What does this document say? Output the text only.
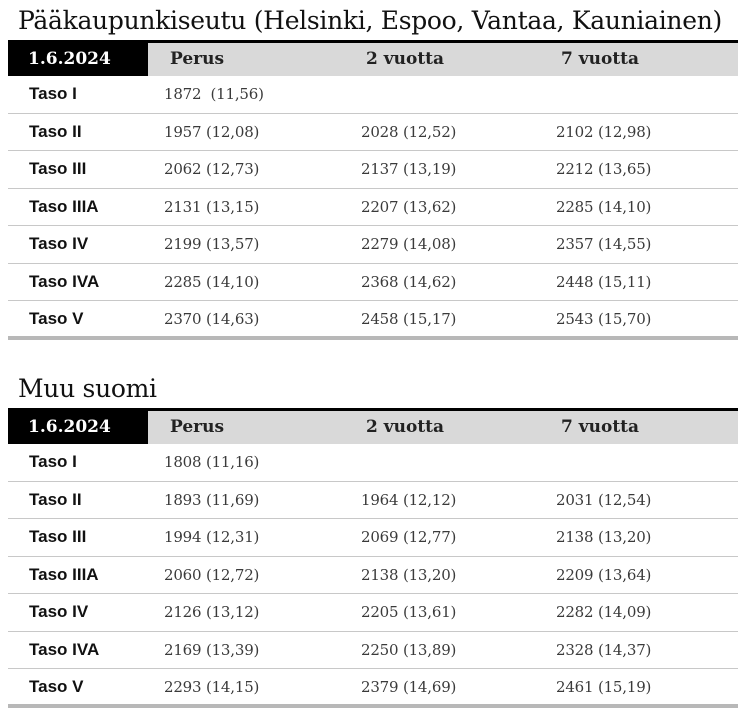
Pääkaupunkiseutu (Helsinki, Espoo, Vantaa, Kauniainen)
1.6.2024	Perus	2 vuotta	7 vuotta
Taso I	1872  (11,56)		
Taso II	1957 (12,08)	2028 (12,52)	2102 (12,98)
Taso III	2062 (12,73)	2137 (13,19)	2212 (13,65)
Taso IIIA	2131 (13,15)	2207 (13,62)	2285 (14,10)
Taso IV	2199 (13,57)	2279 (14,08)	2357 (14,55)
Taso IVA	2285 (14,10)	2368 (14,62)	2448 (15,11)
Taso V	2370 (14,63)	2458 (15,17)	2543 (15,70)
Muu suomi
1.6.2024	Perus	2 vuotta	7 vuotta
Taso I	1808 (11,16)		
Taso II	1893 (11,69)	1964 (12,12)	2031 (12,54)
Taso III	1994 (12,31)	2069 (12,77)	2138 (13,20)
Taso IIIA	2060 (12,72)	2138 (13,20)	2209 (13,64)
Taso IV	2126 (13,12)	2205 (13,61)	2282 (14,09)
Taso IVA	2169 (13,39)	2250 (13,89)	2328 (14,37)
Taso V	2293 (14,15)	2379 (14,69)	2461 (15,19)
